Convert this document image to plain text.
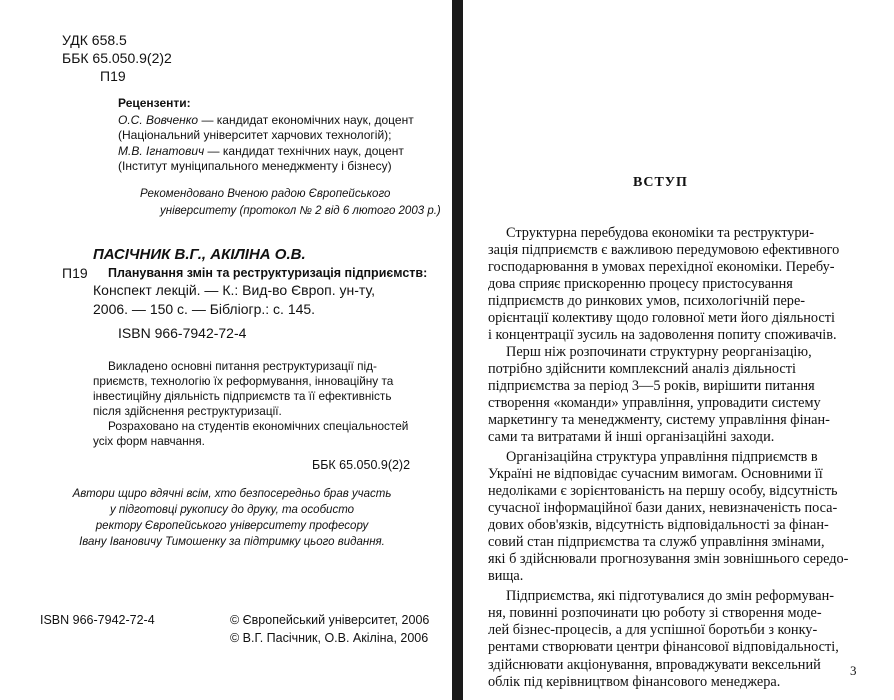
УДК 658.5
ББК 65.050.9(2)2
П19
Рецензенти:
О.С. Вовченко — кандидат економічних наук, доцент
(Національний університет харчових технологій);
М.В. Ігнатович — кандидат технічних наук, доцент
(Інститут муніципального менеджменту і бізнесу)
Рекомендовано Вченою радою Європейського
університету (протокол № 2 від 6 лютого 2003 р.)
ПАСІЧНИК В.Г., АКІЛІНА О.В.
П19 Планування змін та реструктуризація підприємств:
Конспект лекцій. — К.: Вид-во Європ. ун-ту,
2006. — 150 с. — Бібліогр.: с. 145.
ISBN 966-7942-72-4
Викладено основні питання реструктуризації під-
приємств, технологію їх реформування, інноваційну та
інвестиційну діяльність підприємств та її ефективність
після здійснення реструктуризації.
Розраховано на студентів економічних спеціальностей
усіх форм навчання.
ББК 65.050.9(2)2
Автори щиро вдячні всім, хто безпосередньо брав участь
у підготовці рукопису до друку, та особисто
ректору Європейського університету професору
Івану Івановичу Тимошенку за підтримку цього видання.
ISBN 966-7942-72-4	© Європейський університет, 2006
© В.Г. Пасічник, О.В. Акіліна, 2006
ВСТУП
Структурна перебудова економіки та реструктури-
зація підприємств є важливою передумовою ефективного
господарювання в умовах перехідної економіки. Перебу-
дова сприяє прискоренню процесу пристосування
підприємств до ринкових умов, психологічній пере-
орієнтації колективу щодо головної мети його діяльності
і концентрації зусиль на задоволення попиту споживачів.
Перш ніж розпочинати структурну реорганізацію,
потрібно здійснити комплексний аналіз діяльності
підприємства за період 3—5 років, вирішити питання
створення «команди» управління, упровадити систему
маркетингу та менеджменту, систему управління фінан-
сами та витратами й інші організаційні заходи.
Організаційна структура управління підприємств в
Україні не відповідає сучасним вимогам. Основними її
недоліками є зорієнтованість на першу особу, відсутність
сучасної інформаційної бази даних, невизначеність поса-
дових обов'язків, відсутність відповідальності за фінан-
совий стан підприємства та служб управління змінами,
які б здійснювали прогнозування змін зовнішнього середо-
вища.
Підприємства, які підготувалися до змін реформуван-
ня, повинні розпочинати цю роботу зі створення моде-
лей бізнес-процесів, а для успішної боротьби з конку-
рентами створювати центри фінансової відповідальності,
здійснювати акціонування, впроваджувати вексельний
облік під керівництвом фінансового менеджера.
3
